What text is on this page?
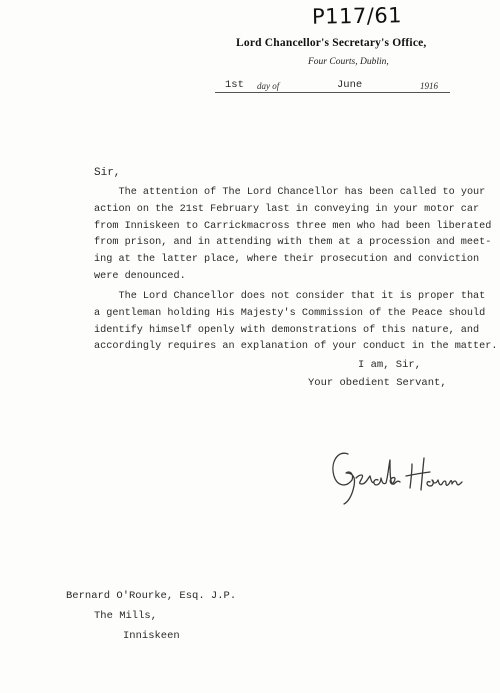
P117/61
Lord Chancellor's Secretary's Office,
Four Courts, Dublin,
1st day of	June	1916

Sir,

The attention of The Lord Chancellor has been called to your
action on the 21st February last in conveying in your motor car
from Inniskeen to Carrickmacross three men who had been liberated
from prison, and in attending with them at a procession and meet-
ing at the latter place, where their prosecution and conviction
were denounced.

The Lord Chancellor does not consider that it is proper that
a gentleman holding His Majesty's Commission of the Peace should
identify himself openly with demonstrations of this nature, and
accordingly requires an explanation of your conduct in the matter.

I am, Sir,

Your obedient Servant,

Bernard O'Rourke, Esq. J.P.

The Mills,

Inniskeen
